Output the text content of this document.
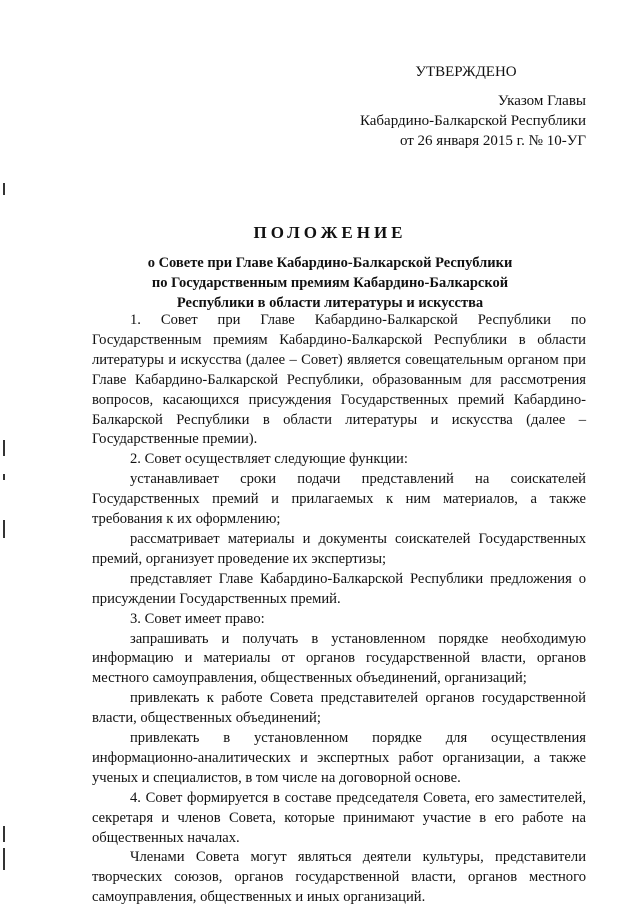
УТВЕРЖДЕНО
Указом Главы
Кабардино-Балкарской Республики
от 26 января 2015 г. № 10-УГ
ПОЛОЖЕНИЕ
о Совете при Главе Кабардино-Балкарской Республики
по Государственным премиям Кабардино-Балкарской
Республики в области литературы и искусства

1. Совет при Главе Кабардино-Балкарской Республики по Государственным премиям Кабардино-Балкарской Республики в области литературы и искусства (далее – Совет) является совещательным органом при Главе Кабардино-Балкарской Республики, образованным для рассмотрения вопросов, касающихся присуждения Государственных премий Кабардино-Балкарской Республики в области литературы и искусства (далее – Государственные премии).

2. Совет осуществляет следующие функции:

устанавливает сроки подачи представлений на соискателей Государственных премий и прилагаемых к ним материалов, а также требования к их оформлению;

рассматривает материалы и документы соискателей Государственных премий, организует проведение их экспертизы;

представляет Главе Кабардино-Балкарской Республики предложения о присуждении Государственных премий.

3. Совет имеет право:

запрашивать и получать в установленном порядке необходимую информацию и материалы от органов государственной власти, органов местного самоуправления, общественных объединений, организаций;

привлекать к работе Совета представителей органов государственной власти, общественных объединений;

привлекать в установленном порядке для осуществления информационно-аналитических и экспертных работ организации, а также ученых и специалистов, в том числе на договорной основе.

4. Совет формируется в составе председателя Совета, его заместителей, секретаря и членов Совета, которые принимают участие в его работе на общественных началах.

Членами Совета могут являться деятели культуры, представители творческих союзов, органов государственной власти, органов местного самоуправления, общественных и иных организаций.
